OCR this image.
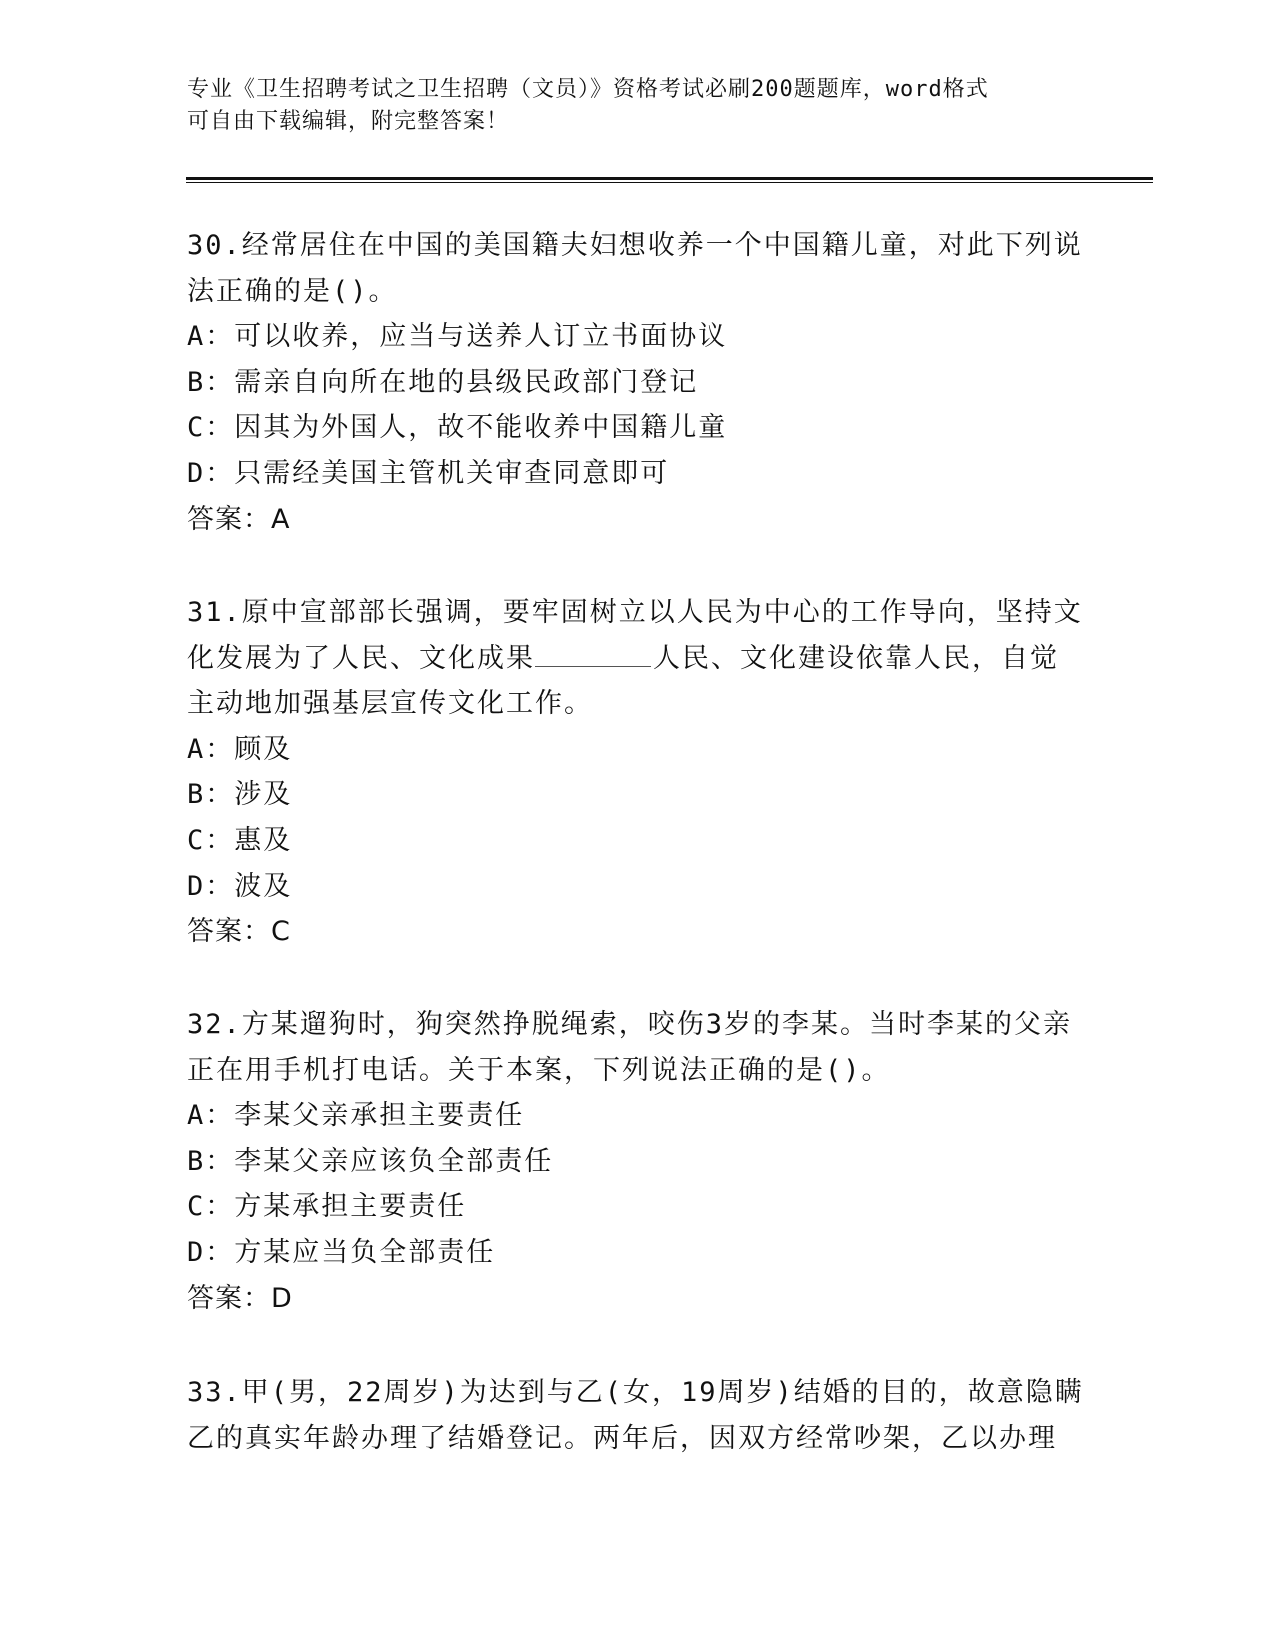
专业《卫生招聘考试之卫生招聘（文员）》资格考试必刷200题题库，word格式
可自由下载编辑，附完整答案！
30.经常居住在中国的美国籍夫妇想收养一个中国籍儿童，对此下列说
法正确的是()。
A：可以收养，应当与送养人订立书面协议
B：需亲自向所在地的县级民政部门登记
C：因其为外国人，故不能收养中国籍儿童
D：只需经美国主管机关审查同意即可
答案：A
31.原中宣部部长强调，要牢固树立以人民为中心的工作导向，坚持文
化发展为了人民、文化成果	人民、文化建设依靠人民，自觉
主动地加强基层宣传文化工作。
A：顾及
B：涉及
C：惠及
D：波及
答案：C
32.方某遛狗时，狗突然挣脱绳索，咬伤3岁的李某。当时李某的父亲
正在用手机打电话。关于本案，下列说法正确的是()。
A：李某父亲承担主要责任
B：李某父亲应该负全部责任
C：方某承担主要责任
D：方某应当负全部责任
答案：D
33.甲(男，22周岁)为达到与乙(女，19周岁)结婚的目的，故意隐瞒
乙的真实年龄办理了结婚登记。两年后，因双方经常吵架，乙以办理
